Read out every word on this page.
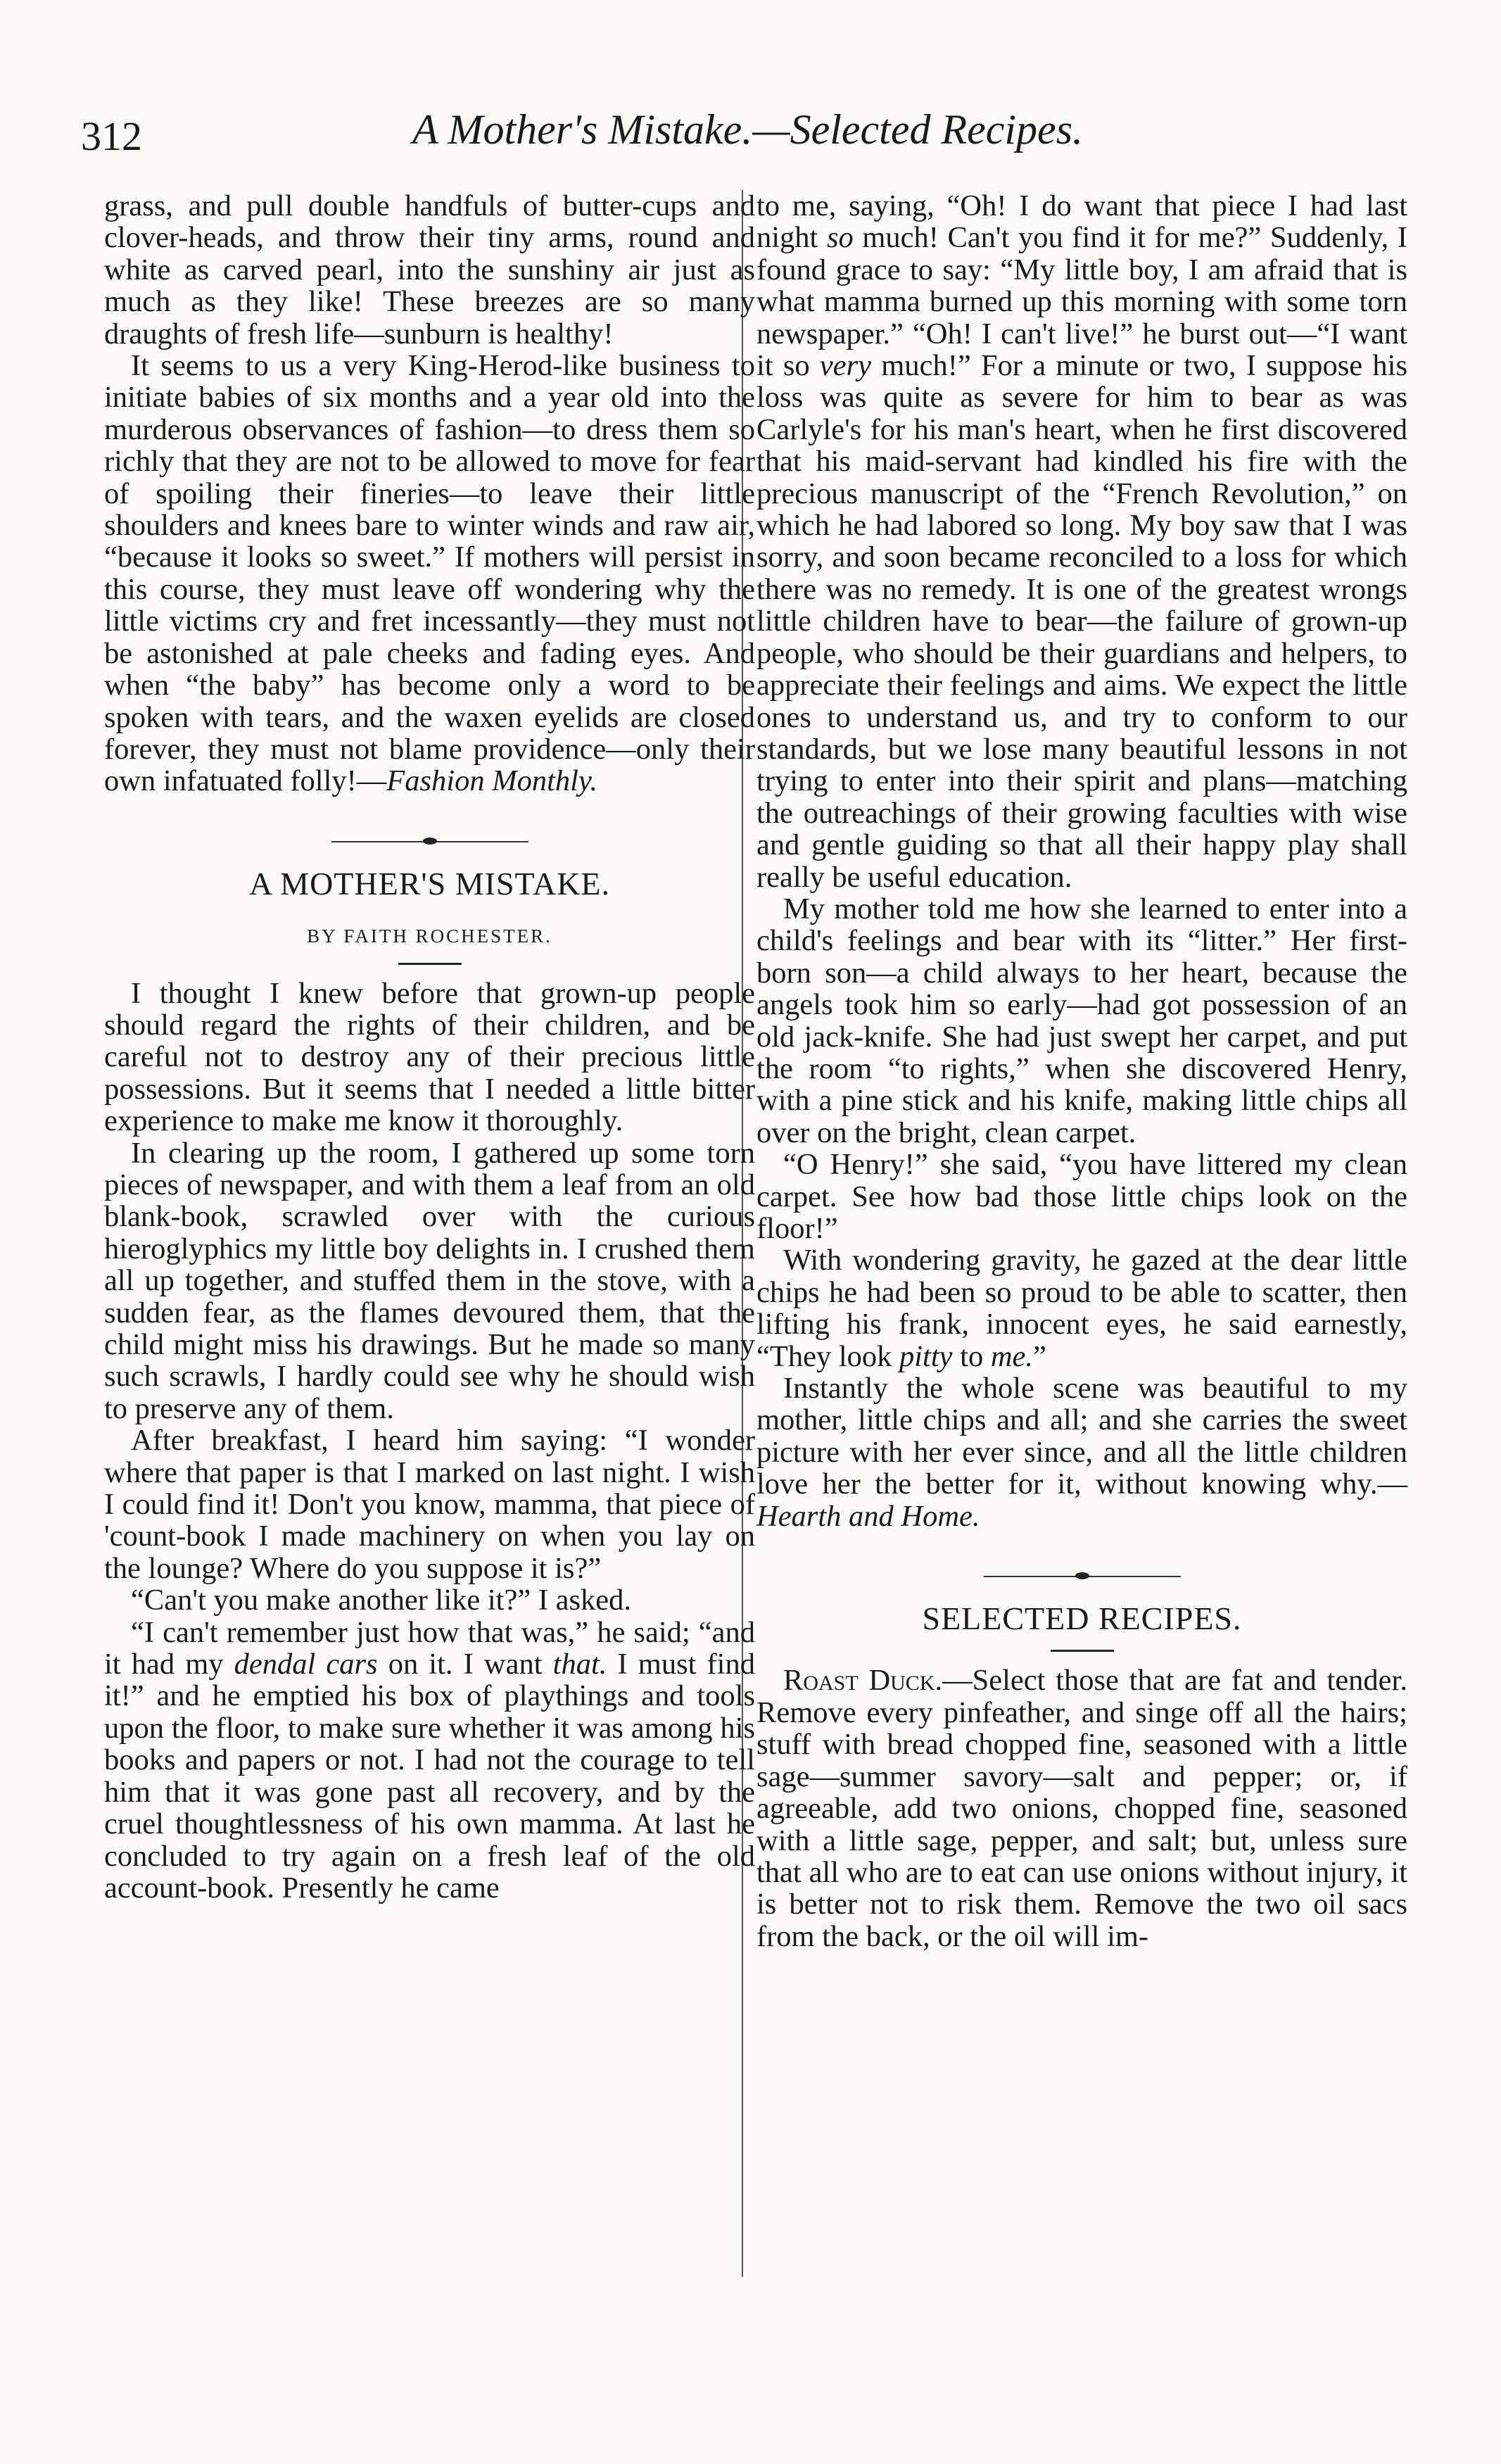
312	A Mother's Mistake.—Selected Recipes.

grass, and pull double handfuls of butter-cups and clover-heads, and throw their tiny arms, round and white as carved pearl, into the sunshiny air just as much as they like! These breezes are so many draughts of fresh life—sunburn is healthy!

It seems to us a very King-Herod-like business to initiate babies of six months and a year old into the murderous observances of fashion—to dress them so richly that they are not to be allowed to move for fear of spoiling their fineries—to leave their little shoulders and knees bare to winter winds and raw air, “because it looks so sweet.” If mothers will persist in this course, they must leave off wondering why the little victims cry and fret incessantly—they must not be astonished at pale cheeks and fading eyes. And when “the baby” has become only a word to be spoken with tears, and the waxen eyelids are closed forever, they must not blame providence—only their own infatuated folly!—Fashion Monthly.

A MOTHER'S MISTAKE.
BY FAITH ROCHESTER.

I thought I knew before that grown-up people should regard the rights of their children, and be careful not to destroy any of their precious little possessions. But it seems that I needed a little bitter experience to make me know it thoroughly.

In clearing up the room, I gathered up some torn pieces of newspaper, and with them a leaf from an old blank-book, scrawled over with the curious hieroglyphics my little boy delights in. I crushed them all up together, and stuffed them in the stove, with a sudden fear, as the flames devoured them, that the child might miss his drawings. But he made so many such scrawls, I hardly could see why he should wish to preserve any of them.

After breakfast, I heard him saying: “I wonder where that paper is that I marked on last night. I wish I could find it! Don't you know, mamma, that piece of 'count-book I made machinery on when you lay on the lounge? Where do you suppose it is?”

“Can't you make another like it?” I asked.

“I can't remember just how that was,” he said; “and it had my dendal cars on it. I want that. I must find it!” and he emptied his box of playthings and tools upon the floor, to make sure whether it was among his books and papers or not. I had not the courage to tell him that it was gone past all recovery, and by the cruel thoughtlessness of his own mamma. At last he concluded to try again on a fresh leaf of the old account-book. Presently he came

to me, saying, “Oh! I do want that piece I had last night so much! Can't you find it for me?” Suddenly, I found grace to say: “My little boy, I am afraid that is what mamma burned up this morning with some torn newspaper.” “Oh! I can't live!” he burst out—“I want it so very much!” For a minute or two, I suppose his loss was quite as severe for him to bear as was Carlyle's for his man's heart, when he first discovered that his maid-servant had kindled his fire with the precious manuscript of the “French Revolution,” on which he had labored so long. My boy saw that I was sorry, and soon became reconciled to a loss for which there was no remedy. It is one of the greatest wrongs little children have to bear—the failure of grown-up people, who should be their guardians and helpers, to appreciate their feelings and aims. We expect the little ones to understand us, and try to conform to our standards, but we lose many beautiful lessons in not trying to enter into their spirit and plans—matching the outreachings of their growing faculties with wise and gentle guiding so that all their happy play shall really be useful education.

My mother told me how she learned to enter into a child's feelings and bear with its “litter.” Her first-born son—a child always to her heart, because the angels took him so early—had got possession of an old jack-knife. She had just swept her carpet, and put the room “to rights,” when she discovered Henry, with a pine stick and his knife, making little chips all over on the bright, clean carpet.

“O Henry!” she said, “you have littered my clean carpet. See how bad those little chips look on the floor!”

With wondering gravity, he gazed at the dear little chips he had been so proud to be able to scatter, then lifting his frank, innocent eyes, he said earnestly, “They look pitty to me.”

Instantly the whole scene was beautiful to my mother, little chips and all; and she carries the sweet picture with her ever since, and all the little children love her the better for it, without knowing why.—Hearth and Home.

SELECTED RECIPES.

Roast Duck.—Select those that are fat and tender. Remove every pinfeather, and singe off all the hairs; stuff with bread chopped fine, seasoned with a little sage—summer savory—salt and pepper; or, if agreeable, add two onions, chopped fine, seasoned with a little sage, pepper, and salt; but, unless sure that all who are to eat can use onions without injury, it is better not to risk them. Remove the two oil sacs from the back, or the oil will im-
